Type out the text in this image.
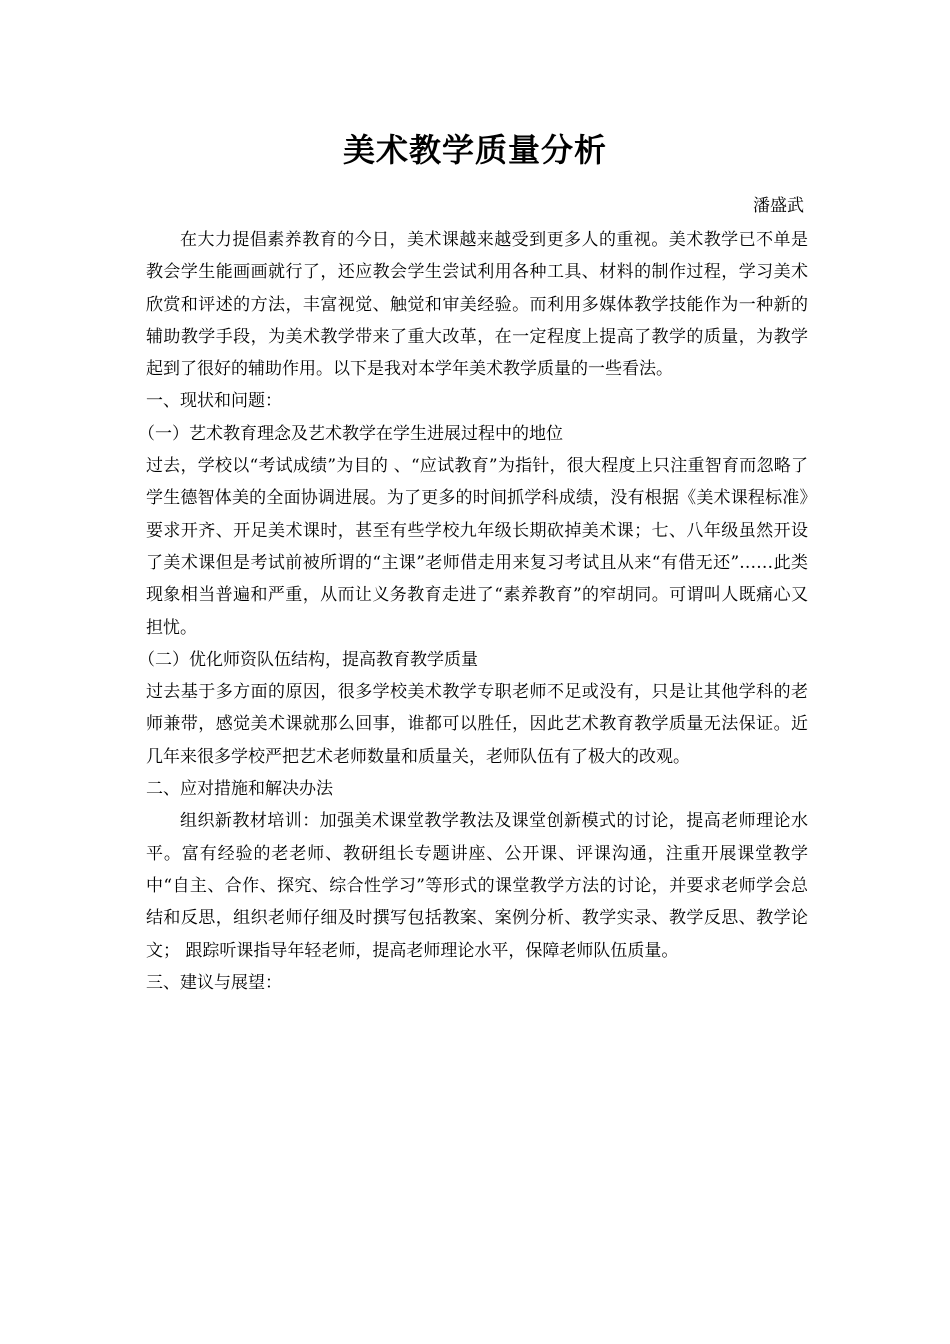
美术教学质量分析

潘盛武

在大力提倡素养教育的今日，美术课越来越受到更多人的重视。美术教学已不单是教会学生能画画就行了，还应教会学生尝试利用各种工具、材料的制作过程，学习美术欣赏和评述的方法，丰富视觉、触觉和审美经验。而利用多媒体教学技能作为一种新的辅助教学手段，为美术教学带来了重大改革，在一定程度上提高了教学的质量，为教学起到了很好的辅助作用。以下是我对本学年美术教学质量的一些看法。

一、现状和问题：

（一）艺术教育理念及艺术教学在学生进展过程中的地位

过去，学校以“考试成绩”为目的 、“应试教育”为指针，很大程度上只注重智育而忽略了学生德智体美的全面协调进展。为了更多的时间抓学科成绩，没有根据《美术课程标准》要求开齐、开足美术课时，甚至有些学校九年级长期砍掉美术课；七、八年级虽然开设了美术课但是考试前被所谓的“主课”老师借走用来复习考试且从来“有借无还”……此类现象相当普遍和严重，从而让义务教育走进了“素养教育”的窄胡同。可谓叫人既痛心又担忧。

（二）优化师资队伍结构，提高教育教学质量

过去基于多方面的原因，很多学校美术教学专职老师不足或没有，只是让其他学科的老师兼带，感觉美术课就那么回事，谁都可以胜任，因此艺术教育教学质量无法保证。近几年来很多学校严把艺术老师数量和质量关，老师队伍有了极大的改观。

二、应对措施和解决办法

组织新教材培训：加强美术课堂教学教法及课堂创新模式的讨论，提高老师理论水平。富有经验的老老师、教研组长专题讲座、公开课、评课沟通，注重开展课堂教学中“自主、合作、探究、综合性学习”等形式的课堂教学方法的讨论，并要求老师学会总结和反思，组织老师仔细及时撰写包括教案、案例分析、教学实录、教学反思、教学论文； 跟踪听课指导年轻老师，提高老师理论水平，保障老师队伍质量。

三、建议与展望：
